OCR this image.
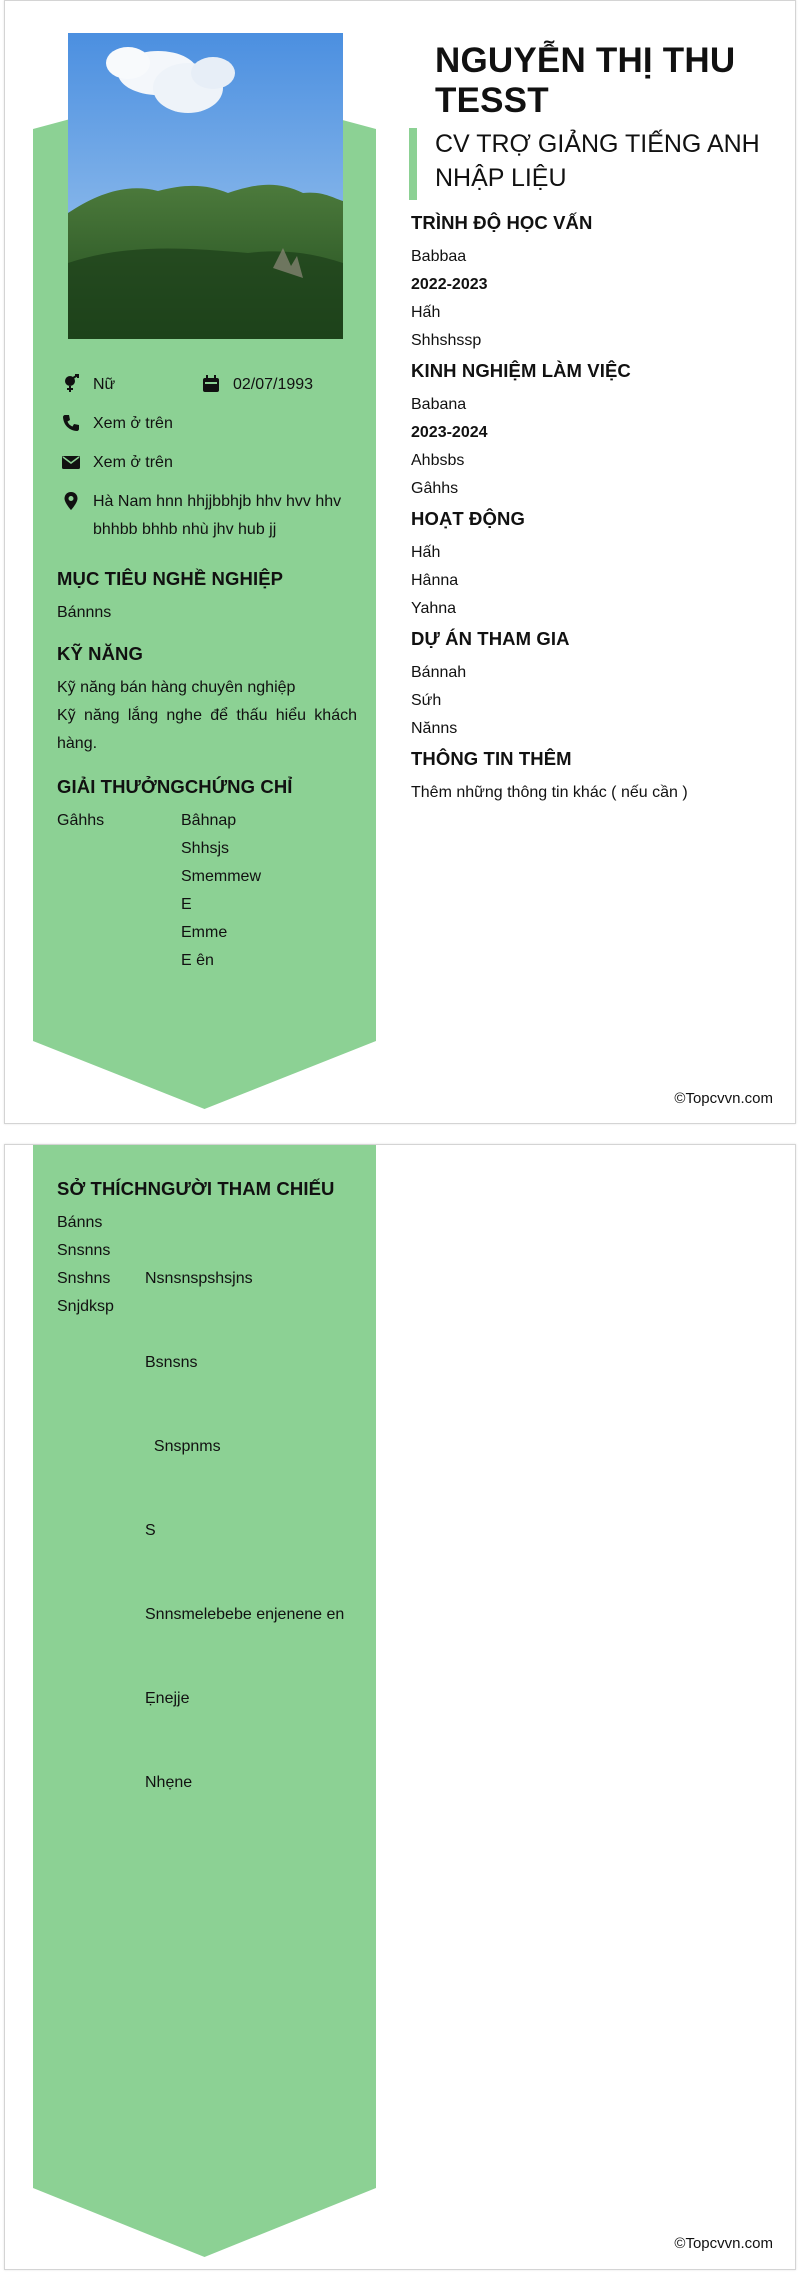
Nữ	02/07/1993
Xem ở trên
Xem ở trên
Hà Nam hnn hhjjbbhjb hhv hvv hhv bhhbb bhhb nhù jhv hub jj
MỤC TIÊU NGHỀ NGHIỆP
Bánnns
KỸ NĂNG
Kỹ năng bán hàng chuyên nghiệp
Kỹ năng lắng nghe để thấu hiểu khách hàng.
GIẢI THƯỞNGCHỨNG CHỈ
Gâhhs	Bâhnap
Shhsjs
Smemmew
E
Emme
E ên
NGUYỄN THỊ THU TESST
CV TRỢ GIẢNG TIẾNG ANH NHẬP LIỆU
TRÌNH ĐỘ HỌC VẤN
Babbaa
2022-2023
Hấh
Shhshssp
KINH NGHIỆM LÀM VIỆC
Babana
2023-2024
Ahbsbs
Gâhhs
HOẠT ĐỘNG
Hấh
Hânna
Yahna
DỰ ÁN THAM GIA
Bánnah
Sứh
Nănns
THÔNG TIN THÊM
Thêm những thông tin khác ( nếu cần )
©Topcvvn.com
SỞ THÍCHNGƯỜI THAM CHIẾU
Bánns
Snsnns
Snshns
Snjdksp

Nsnsnspshsjns

Bsnsns

Snspnms

S

Snnsmelebebe enjenene en

Ẹnejje

Nhẹne

©Topcvvn.com
